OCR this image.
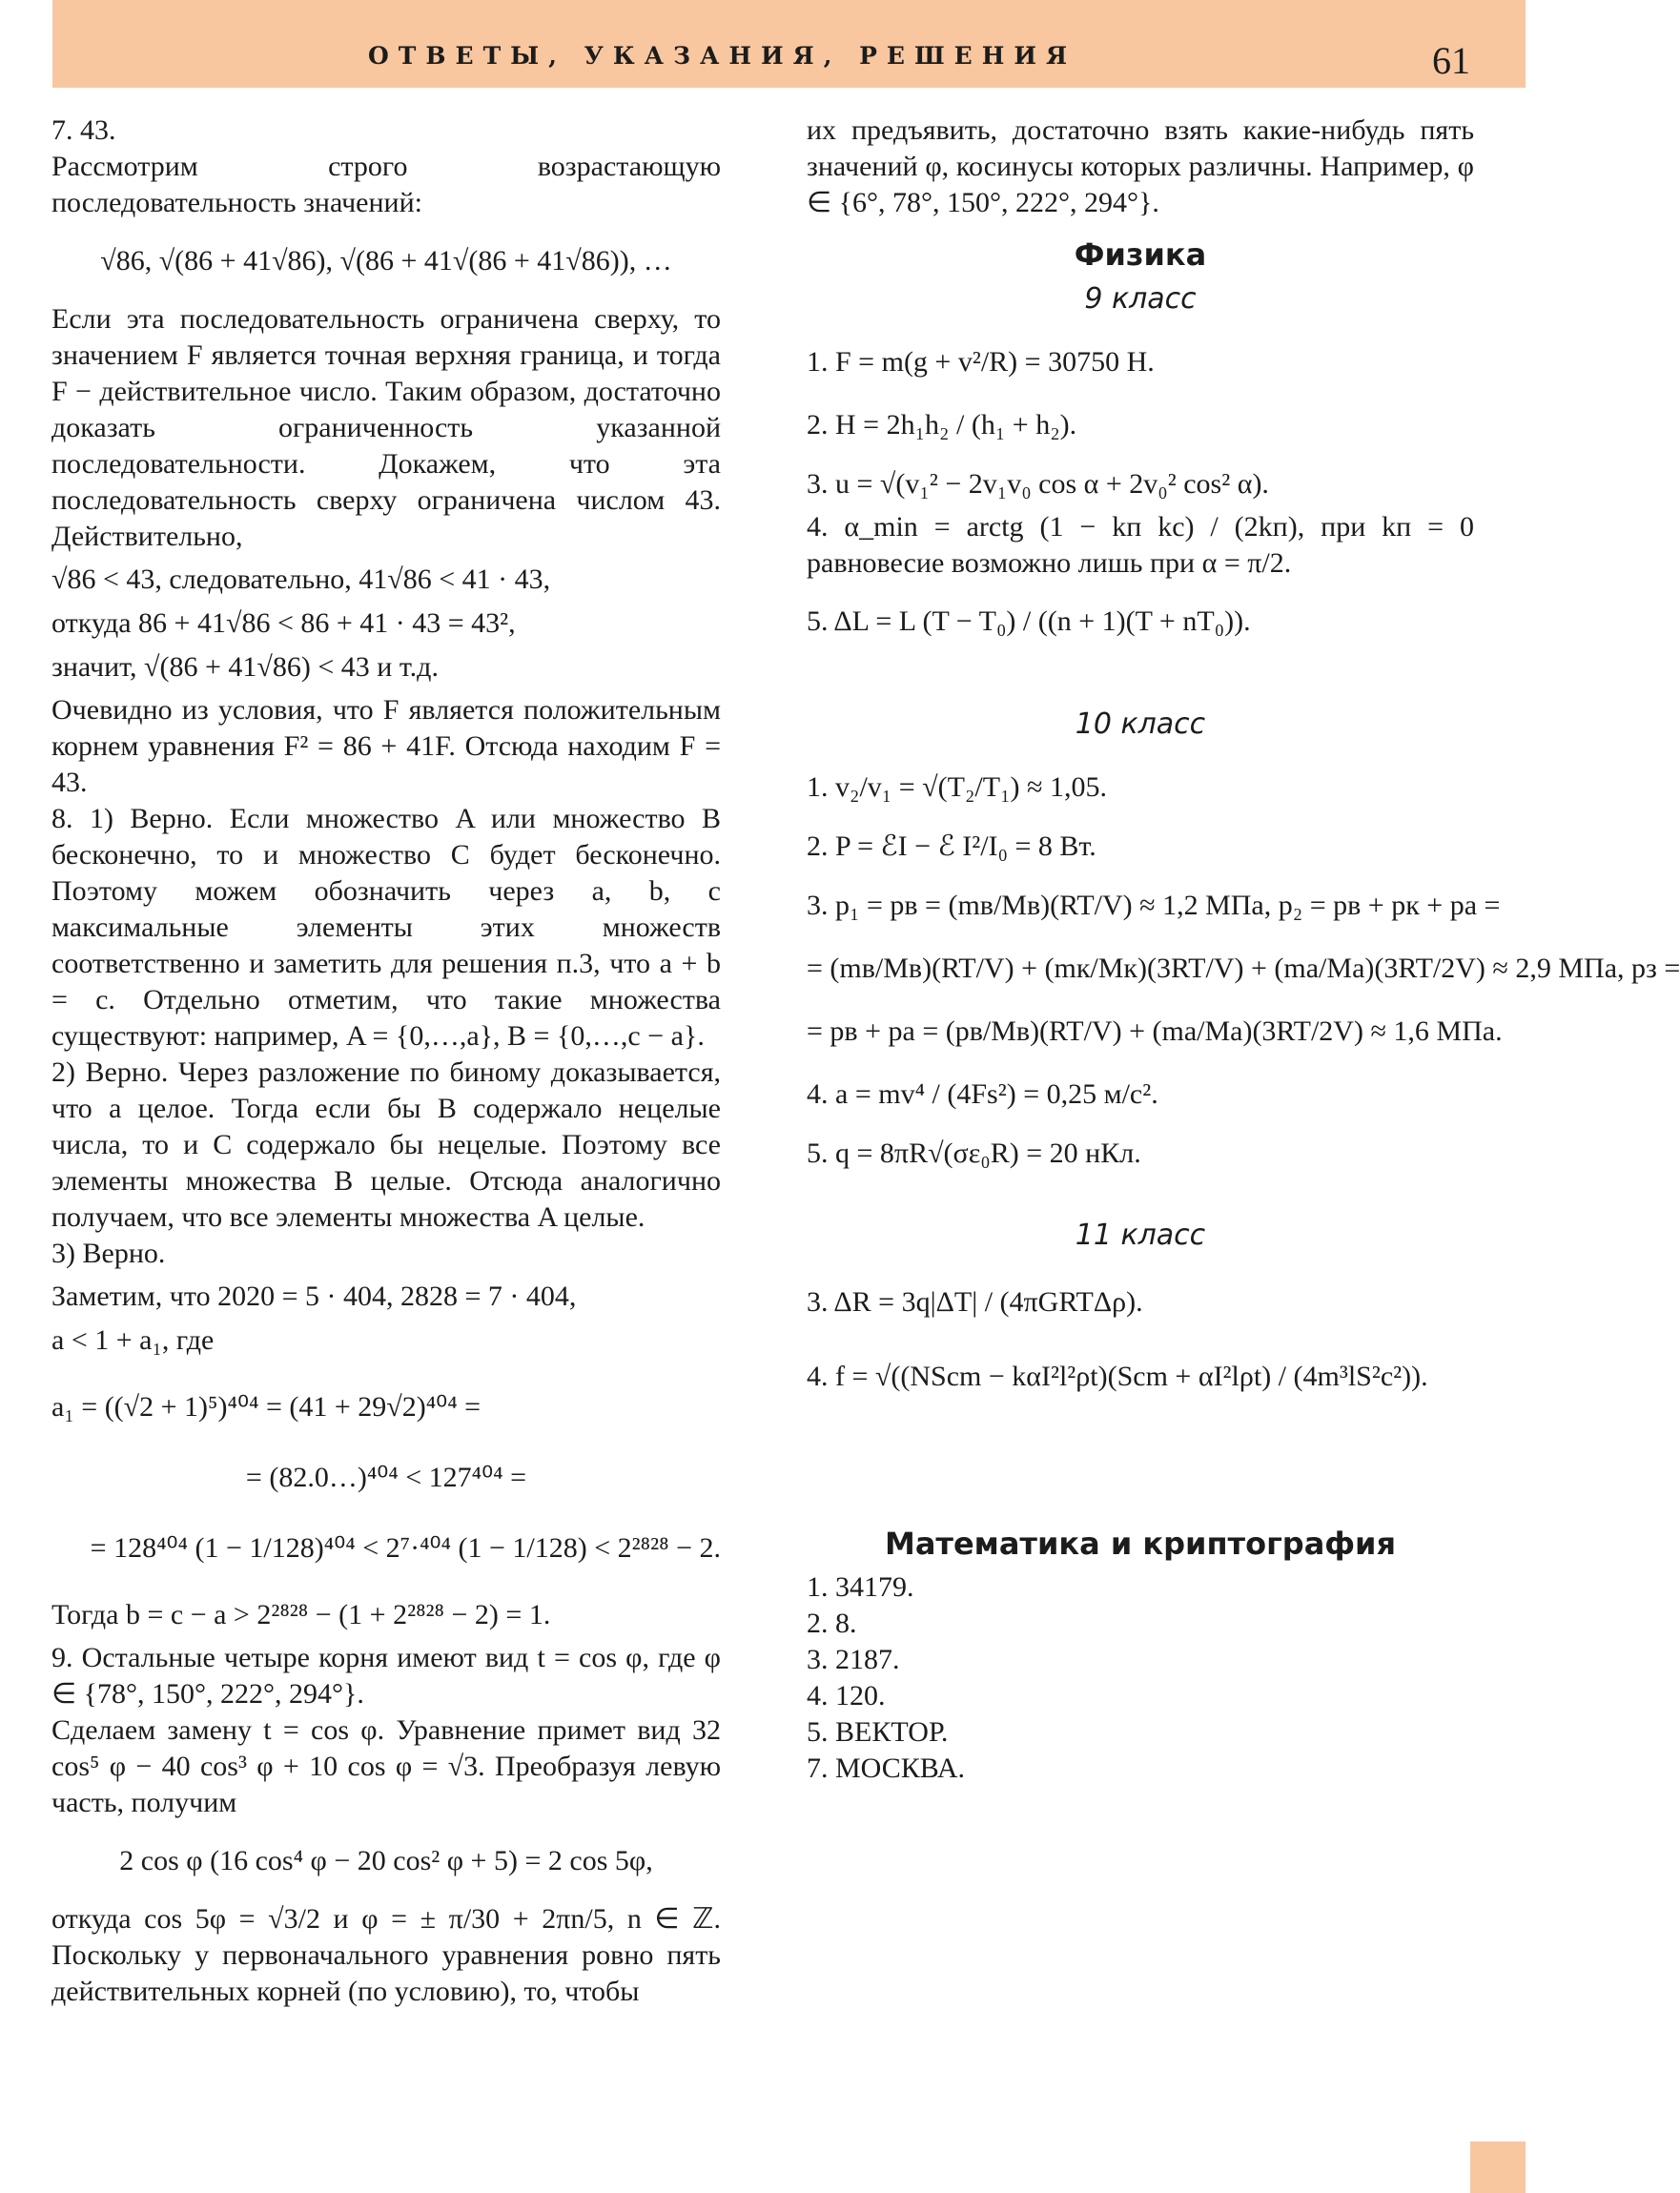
ОТВЕТЫ, УКАЗАНИЯ, РЕШЕНИЯ	61

7. 43.

Рассмотрим строго возрастающую последовательность значений:

√86, √(86 + 41√86), √(86 + 41√(86 + 41√86)), …

Если эта последовательность ограничена сверху, то значением F является точная верхняя граница, и тогда F − действительное число. Таким образом, достаточно доказать ограниченность указанной последовательности. Докажем, что эта последовательность сверху ограничена числом 43. Действительно,

√86 < 43, следовательно, 41√86 < 41 · 43,

откуда 86 + 41√86 < 86 + 41 · 43 = 43²,

значит, √(86 + 41√86) < 43 и т.д.

Очевидно из условия, что F является положительным корнем уравнения F² = 86 + 41F. Отсюда находим F = 43.

8. 1) Верно. Если множество A или множество B бесконечно, то и множество C будет бесконечно. Поэтому можем обозначить через a, b, c максимальные элементы этих множеств соответственно и заметить для решения п.3, что a + b = c. Отдельно отметим, что такие множества существуют: например, A = {0,…,a}, B = {0,…,c − a}.

2) Верно. Через разложение по биному доказывается, что a целое. Тогда если бы B содержало нецелые числа, то и C содержало бы нецелые. Поэтому все элементы множества B целые. Отсюда аналогично получаем, что все элементы множества A целые.

3) Верно.

Заметим, что 2020 = 5 · 404, 2828 = 7 · 404,

a < 1 + a₁, где

a₁ = ((√2 + 1)⁵)⁴⁰⁴ = (41 + 29√2)⁴⁰⁴ =

= (82.0…)⁴⁰⁴ < 127⁴⁰⁴ =

= 128⁴⁰⁴ (1 − 1/128)⁴⁰⁴ < 2⁷·⁴⁰⁴ (1 − 1/128) < 2²⁸²⁸ − 2.

Тогда b = c − a > 2²⁸²⁸ − (1 + 2²⁸²⁸ − 2) = 1.

9. Остальные четыре корня имеют вид t = cos φ, где φ ∈ {78°, 150°, 222°, 294°}.

Сделаем замену t = cos φ. Уравнение примет вид 32 cos⁵ φ − 40 cos³ φ + 10 cos φ = √3. Преобразуя левую часть, получим

2 cos φ (16 cos⁴ φ − 20 cos² φ + 5) = 2 cos 5φ,

откуда cos 5φ = √3/2 и φ = ± π/30 + 2πn/5, n ∈ ℤ. Поскольку у первоначального уравнения ровно пять действительных корней (по условию), то, чтобы

их предъявить, достаточно взять какие-нибудь пять значений φ, косинусы которых различны. Например, φ ∈ {6°, 78°, 150°, 222°, 294°}.

Физика
9 класс

1. F = m(g + v²/R) = 30750 Н.

2. H = 2h₁h₂ / (h₁ + h₂).

3. u = √(v₁² − 2v₁v₀ cos α + 2v₀² cos² α).

4. α_min = arctg (1 − kп kс) / (2kп), при kп = 0 равновесие возможно лишь при α = π/2.

5. ΔL = L (T − T₀) / ((n + 1)(T + nT₀)).

10 класс

1. v₂/v₁ = √(T₂/T₁) ≈ 1,05.

2. P = ℰI − ℰ I²/I₀ = 8 Вт.

3. p₁ = pв = (mв/Mв)(RT/V) ≈ 1,2 МПа, p₂ = pв + pк + pа =

= (mв/Mв)(RT/V) + (mк/Mк)(3RT/V) + (mа/Mа)(3RT/2V) ≈ 2,9 МПа, pз =

= pв + pа = (pв/Mв)(RT/V) + (mа/Mа)(3RT/2V) ≈ 1,6 МПа.

4. a = mv⁴ / (4Fs²) = 0,25 м/с².

5. q = 8πR√(σε₀R) = 20 нКл.

11 класс

3. ΔR = 3q|ΔT| / (4πGRTΔρ).

4. f = √((NScm − kαI²l²ρt)(Scm + αI²lρt) / (4m³lS²c²)).

Математика и криптография

1. 34179.

2. 8.

3. 2187.

4. 120.

5. ВЕКТОР.

7. МОСКВА.
